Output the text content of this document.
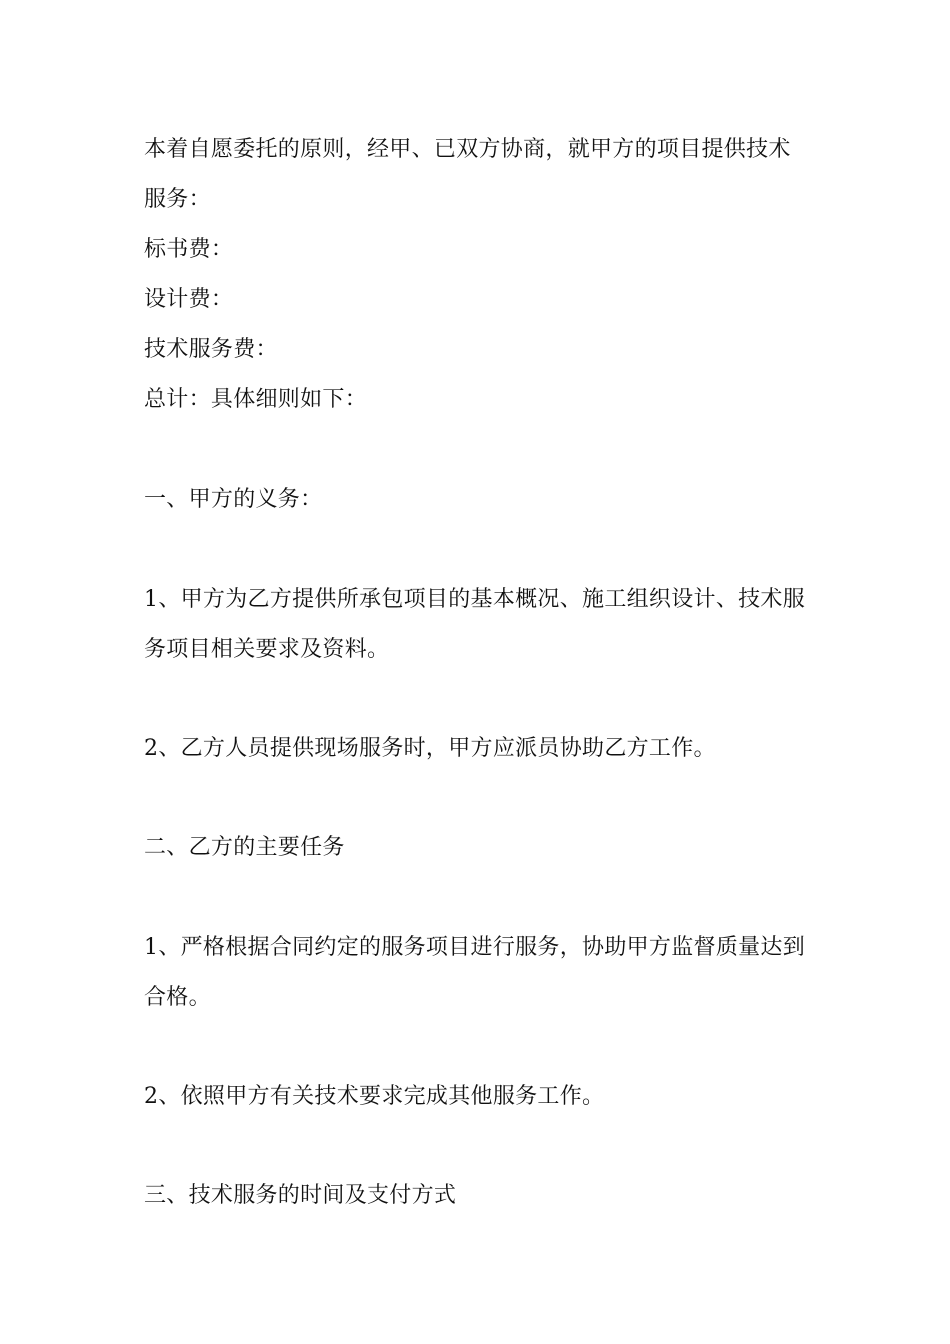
本着自愿委托的原则，经甲、已双方协商，就甲方的项目提供技术
服务：
标书费：
设计费：
技术服务费：
总计：具体细则如下：
一、甲方的义务：
1、甲方为乙方提供所承包项目的基本概况、施工组织设计、技术服
务项目相关要求及资料。
2、乙方人员提供现场服务时，甲方应派员协助乙方工作。
二、乙方的主要任务
1、严格根据合同约定的服务项目进行服务，协助甲方监督质量达到
合格。
2、依照甲方有关技术要求完成其他服务工作。
三、技术服务的时间及支付方式
